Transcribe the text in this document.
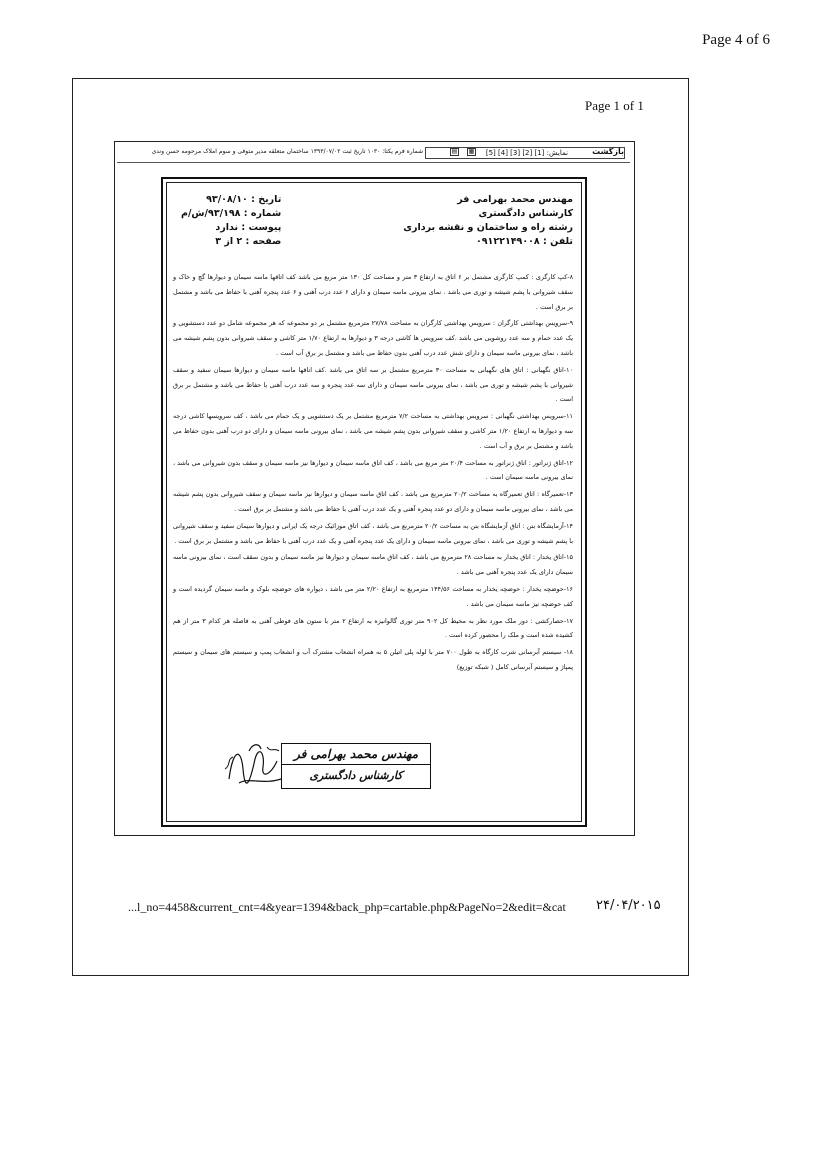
Page 4 of 6
Page 1 of 1
بازگشت
نمایش: [1] [2] [3] [4] [5]
▤ ▦
شماره فرم یکتا: ۱۰۳۰ تاریخ ثبت ۱۳۹۳/۰۷/۰۲ ساختمان متعلقه مدیر متوفی و سوم املاک مرحومه حسن وندی
مهندس محمد بهرامی فر
کارشناس دادگستری
رشته راه و ساختمان و نقشه برداری
تلفن : ۰۹۱۲۲۱۴۹۰۰۸
تاریخ : ۹۳/۰۸/۱۰
شماره : ۹۳/۱۹۸/ش/م
پیوست : ندارد
صفحه : ۲ از ۳

۸-کپ کارگری : کمپ کارگری مشتمل بر ۶ اتاق به ارتفاع ۳ متر و مساحت کل ۱۳۰ متر مربع می باشد کف اتاقها ماسه سیمان و دیوارها گچ و خاک و سقف شیروانی با پشم شیشه و توری می باشد . نمای بیرونی ماسه سیمان و دارای ۶ عدد درب آهنی و ۶ عدد پنجره آهنی با حفاظ می باشد و مشتمل بر برق است .

۹-سرویس بهداشتی کارگران : سرویس بهداشتی کارگران به مساحت ۲۷/۷۸ مترمربع مشتمل بر دو مجموعه که هر مجموعه شامل دو عدد دستشویی و یک عدد حمام و سه عدد روشویی می باشد .کف سرویس ها کاشی درجه ۳ و دیوارها به ارتفاع ۱/۷۰ متر کاشی و سقف شیروانی بدون پشم شیشه می باشد ، نمای بیرونی ماسه سیمان و دارای شش عدد درب آهنی بدون حفاظ می باشد و مشتمل بر برق آب است .

۱۰-اتاق نگهبانی : اتاق های نگهبانی به مساحت ۳۰ مترمربع مشتمل بر سه اتاق می باشد .کف اتاقها ماسه سیمان و دیوارها سیمان سفید و سقف شیروانی با پشم شیشه و توری می باشد ، نمای بیرونی ماسه سیمان و دارای سه عدد پنجره و سه عدد درب آهنی با حفاظ می باشد و مشتمل بر برق است .

۱۱-سرویس بهداشتی نگهبانی : سرویس بهداشتی به مساحت ۷/۲ مترمربع مشتمل بر یک دستشویی و یک حمام می باشد ، کف سرویسها کاشی درجه سه و دیوارها به ارتفاع ۱/۲۰ متر کاشی و سقف شیروانی بدون پشم شیشه می باشد ، نمای بیرونی ماسه سیمان و دارای دو درب آهنی بدون حفاظ می باشد و مشتمل بر برق و آب است .

۱۲-اتاق ژنراتور : اتاق ژنراتور به مساحت ۲۰/۴ متر مربع می باشد ، کف اتاق ماسه سیمان و دیوارها نیز ماسه سیمان و سقف بدون شیروانی می باشد ، نمای بیرونی ماسه سیمان است .

۱۳-تعمیرگاه : اتاق تعمیرگاه به مساحت ۲۰/۲ مترمربع می باشد ، کف اتاق ماسه سیمان و دیوارها نیز ماسه سیمان و سقف شیروانی بدون پشم شیشه می باشد ، نمای بیرونی ماسه سیمان و دارای دو عدد پنجره آهنی و یک عدد درب آهنی با حفاظ می باشد و مشتمل بر برق است .

۱۴-آزمایشگاه بتن : اتاق آزمایشگاه بتن به مساحت ۲۰/۲ مترمربع می باشد ، کف اتاق موزائیک درجه یک ایرانی و دیوارها سیمان سفید و سقف شیروانی با پشم شیشه و توری می باشد ، نمای بیرونی ماسه سیمان و دارای یک عدد پنجره آهنی و یک عدد درب آهنی با حفاظ می باشد و مشتمل بر برق است .

۱۵-اتاق یخدار : اتاق یخدار به مساحت ۲۸ مترمربع می باشد ، کف اتاق ماسه سیمان و دیوارها نیز ماسه سیمان و بدون سقف است ، نمای بیرونی ماسه سیمان دارای یک عدد پنجره آهنی می باشد .

۱۶-حوضچه یخدار : حوضچه یخدار به مساحت ۱۴۴/۵۶ مترمربع به ارتفاع ۲/۲۰ متر می باشد ، دیواره های حوضچه بلوک و ماسه سیمان گردیده است و کف حوضچه نیز ماسه سیمان می باشد .

۱۷-حصارکشی : دور ملک مورد نظر به محیط کل ۹۰۲ متر توری گالوانیزه به ارتفاع ۲ متر با ستون های فوطی آهنی به فاصله هر کدام ۳ متر از هم کشیده شده است و ملک را محصور کرده است .

۱۸- سیستم آبرسانی شرب کارگاه به طول ۷۰۰ متر با لوله پلی اتیلن ۵ به همراه انشعاب مشترک آب و انشعاب پمپ و سیستم های سیمان و سیستم پمپاژ و سیستم آبرسانی کامل ( شبکه توزیع)

مهندس محمد بهرامی فر
کارشناس دادگستری
...l_no=4458&current_cnt=4&year=1394&back_php=cartable.php&PageNo=2&edit=&cat ۲۴/۰۴/۲۰۱۵
